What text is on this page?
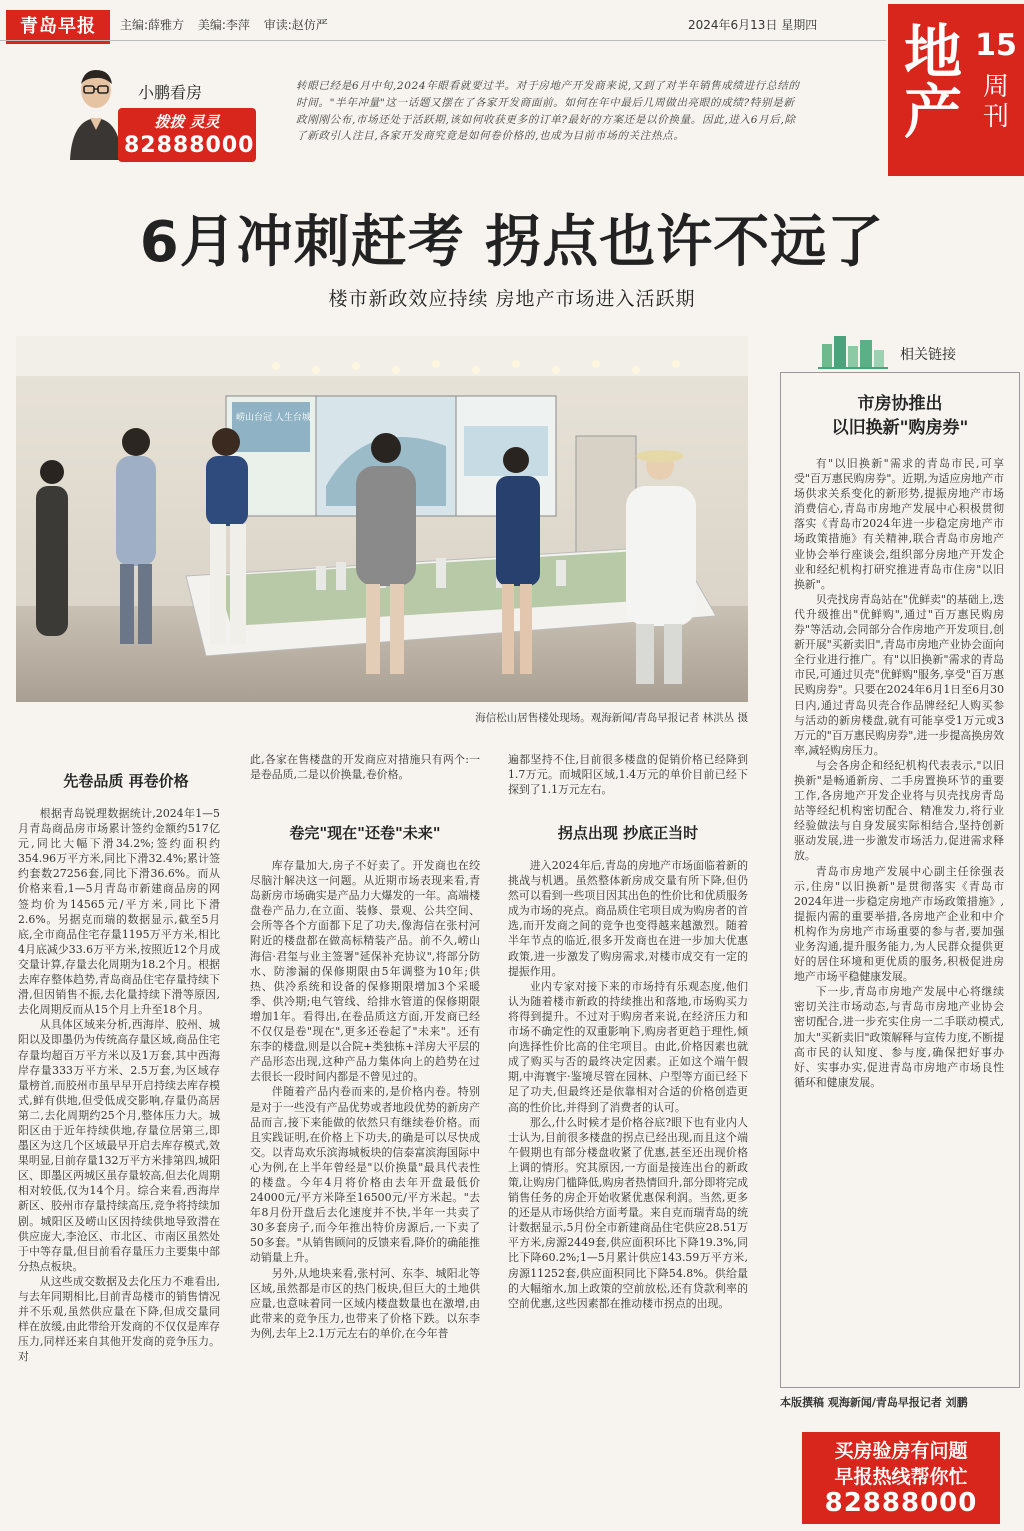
青岛早报	主编:薛雅方 美编:李萍 审读:赵仿严	2024年6月13日 星期四 地产
15
周刊
小鹏看房
拨拨 灵灵
82888000
转眼已经是6月中旬,2024年眼看就要过半。对于房地产开发商来说,又到了对半年销售成绩进行总结的时间。"半年冲量"这一话题又摆在了各家开发商面前。如何在年中最后几周做出亮眼的成绩?特别是新政刚刚公布,市场还处于活跃期,该如何收获更多的订单?最好的方案还是以价换量。因此,进入6月后,除了新政引人注目,各家开发商究竟是如何卷价格的,也成为目前市场的关注热点。
6月冲刺赶考 拐点也许不远了
楼市新政效应持续 房地产市场进入活跃期
崂山台冠 人生台城
海信松山居售楼处现场。观海新闻/青岛早报记者 林洪丛 摄
先卷品质 再卷价格

根据青岛锐理数据统计,2024年1—5月青岛商品房市场累计签约金额约517亿元,同比大幅下滑34.2%;签约面积约354.96万平方米,同比下滑32.4%;累计签约套数27256套,同比下滑36.6%。而从价格来看,1—5月青岛市新建商品房的网签均价为14565元/平方米,同比下滑2.6%。另据克而瑞的数据显示,截至5月底,全市商品住宅存量1195万平方米,相比4月底减少33.6万平方米,按照近12个月成交量计算,存量去化周期为18.2个月。根据去库存整体趋势,青岛商品住宅存量持续下滑,但因销售不振,去化量持续下滑等原因,去化周期反而从15个月上升至18个月。

从具体区域来分析,西海岸、胶州、城阳以及即墨仍为传统高存量区域,商品住宅存量均超百万平方米以及1万套,其中西海岸存量333万平方米、2.5万套,为区域存量榜首,而胶州市虽早早开启持续去库存模式,鲜有供地,但受低成交影响,存量仍高居第二,去化周期约25个月,整体压力大。城阳区由于近年持续供地,存量位居第三,即墨区为这几个区域最早开启去库存模式,效果明显,目前存量132万平方米排第四,城阳区、即墨区两城区虽存量较高,但去化周期相对较低,仅为14个月。综合来看,西海岸新区、胶州市存量持续高压,竞争将持续加剧。城阳区及崂山区因持续供地导致潜在供应庞大,李沧区、市北区、市南区虽然处于中等存量,但目前看存量压力主要集中部分热点板块。

从这些成交数据及去化压力不难看出,与去年同期相比,目前青岛楼市的销售情况并不乐观,虽然供应量在下降,但成交量同样在放缓,由此带给开发商的不仅仅是库存压力,同样还来自其他开发商的竞争压力。对

此,各家在售楼盘的开发商应对措施只有两个:一是卷品质,二是以价换量,卷价格。
卷完"现在"还卷"未来"

库存量加大,房子不好卖了。开发商也在绞尽脑汁解决这一问题。从近期市场表现来看,青岛新房市场确实是产品力大爆发的一年。高端楼盘卷产品力,在立面、装修、景观、公共空间、会所等各个方面都下足了功夫,像海信在张村河附近的楼盘都在做高标精装产品。前不久,崂山海信·君玺与业主签署"延保补充协议",将部分防水、防渗漏的保修期限由5年调整为10年;供热、供冷系统和设备的保修期限增加3个采暖季、供冷期;电气管线、给排水管道的保修期限增加1年。看得出,在卷品质这方面,开发商已经不仅仅是卷"现在",更多还卷起了"未来"。还有东李的楼盘,则是以合院+类独栋+洋房大平层的产品形态出现,这种产品力集体向上的趋势在过去很长一段时间内都是不曾见过的。

伴随着产品内卷而来的,是价格内卷。特别是对于一些没有产品优势或者地段优势的新房产品而言,接下来能做的依然只有继续卷价格。而且实践证明,在价格上下功夫,的确是可以尽快成交。以青岛欢乐滨海城板块的信泰富滨海国际中心为例,在上半年曾经是"以价换量"最具代表性的楼盘。今年4月将价格由去年开盘最低价24000元/平方米降至16500元/平方米起。"去年8月份开盘后去化速度并不快,半年一共卖了30多套房子,而今年推出特价房源后,一下卖了50多套。"从销售顾问的反馈来看,降价的确能推动销量上升。

另外,从地块来看,张村河、东李、城阳北等区域,虽然都是市区的热门板块,但巨大的土地供应量,也意味着同一区域内楼盘数量也在激增,由此带来的竞争压力,也带来了价格下跌。以东李为例,去年上2.1万元左右的单价,在今年普

遍都坚持不住,目前很多楼盘的促销价格已经降到1.7万元。而城阳区域,1.4万元的单价目前已经下探到了1.1万元左右。
拐点出现 抄底正当时

进入2024年后,青岛的房地产市场面临着新的挑战与机遇。虽然整体新房成交量有所下降,但仍然可以看到一些项目因其出色的性价比和优质服务成为市场的亮点。商品质住宅项目成为购房者的首选,而开发商之间的竞争也变得越来越激烈。随着半年节点的临近,很多开发商也在进一步加大优惠政策,进一步激发了购房需求,对楼市成交有一定的提振作用。

业内专家对接下来的市场持有乐观态度,他们认为随着楼市新政的持续推出和落地,市场购买力将得到提升。不过对于购房者来说,在经济压力和市场不确定性的双重影响下,购房者更趋于理性,倾向选择性价比高的住宅项目。由此,价格因素也就成了购买与否的最终决定因素。正如这个端午假期,中海寰宇·鉴境尽管在园林、户型等方面已经下足了功夫,但最终还是依靠相对合适的价格创造更高的性价比,并得到了消费者的认可。

那么,什么时候才是价格谷底?眼下也有业内人士认为,目前很多楼盘的拐点已经出现,而且这个端午假期也有部分楼盘收紧了优惠,甚至还出现价格上调的情形。究其原因,一方面是接连出台的新政策,让购房门槛降低,购房者热情回升,部分即将完成销售任务的房企开始收紧优惠保利润。当然,更多的还是从市场供给方面考量。来自克而瑞青岛的统计数据显示,5月份全市新建商品住宅供应28.51万平方米,房源2449套,供应面积环比下降19.3%,同比下降60.2%;1—5月累计供应143.59万平方米,房源11252套,供应面积同比下降54.8%。供给量的大幅缩水,加上政策的空前放松,还有贷款利率的空前优惠,这些因素都在推动楼市拐点的出现。

相关链接
市房协推出
以旧换新"购房券"

有"以旧换新"需求的青岛市民,可享受"百万惠民购房券"。近期,为适应房地产市场供求关系变化的新形势,提振房地产市场消费信心,青岛市房地产发展中心积极贯彻落实《青岛市2024年进一步稳定房地产市场政策措施》有关精神,联合青岛市房地产业协会举行座谈会,组织部分房地产开发企业和经纪机构打研究推进青岛市住房"以旧换新"。

贝壳找房青岛站在"优鲜卖"的基础上,迭代升级推出"优鲜购",通过"百万惠民购房券"等活动,会同部分合作房地产开发项目,创新开展"买新卖旧",青岛市房地产业协会面向全行业进行推广。有"以旧换新"需求的青岛市民,可通过贝壳"优鲜购"服务,享受"百万惠民购房券"。只要在2024年6月1日至6月30日内,通过青岛贝壳合作品牌经纪人购买参与活动的新房楼盘,就有可能享受1万元或3万元的"百万惠民购房券",进一步提高换房效率,减轻购房压力。

与会各房企和经纪机构代表表示,"以旧换新"是畅通新房、二手房置换环节的重要工作,各房地产开发企业将与贝壳找房青岛站等经纪机构密切配合、精准发力,将行业经验做法与自身发展实际相结合,坚持创新驱动发展,进一步激发市场活力,促进需求释放。

青岛市房地产发展中心副主任徐强表示,住房"以旧换新"是贯彻落实《青岛市2024年进一步稳定房地产市场政策措施》,提振内需的重要举措,各房地产企业和中介机构作为房地产市场重要的参与者,要加强业务沟通,提升服务能力,为人民群众提供更好的居住环境和更优质的服务,积极促进房地产市场平稳健康发展。

下一步,青岛市房地产发展中心将继续密切关注市场动态,与青岛市房地产业协会密切配合,进一步充实住房一二手联动模式,加大"买新卖旧"政策解释与宣传力度,不断提高市民的认知度、参与度,确保把好事办好、实事办实,促进青岛市房地产市场良性循环和健康发展。

本版撰稿 观海新闻/青岛早报记者 刘鹏
买房验房有问题
早报热线帮你忙
82888000
